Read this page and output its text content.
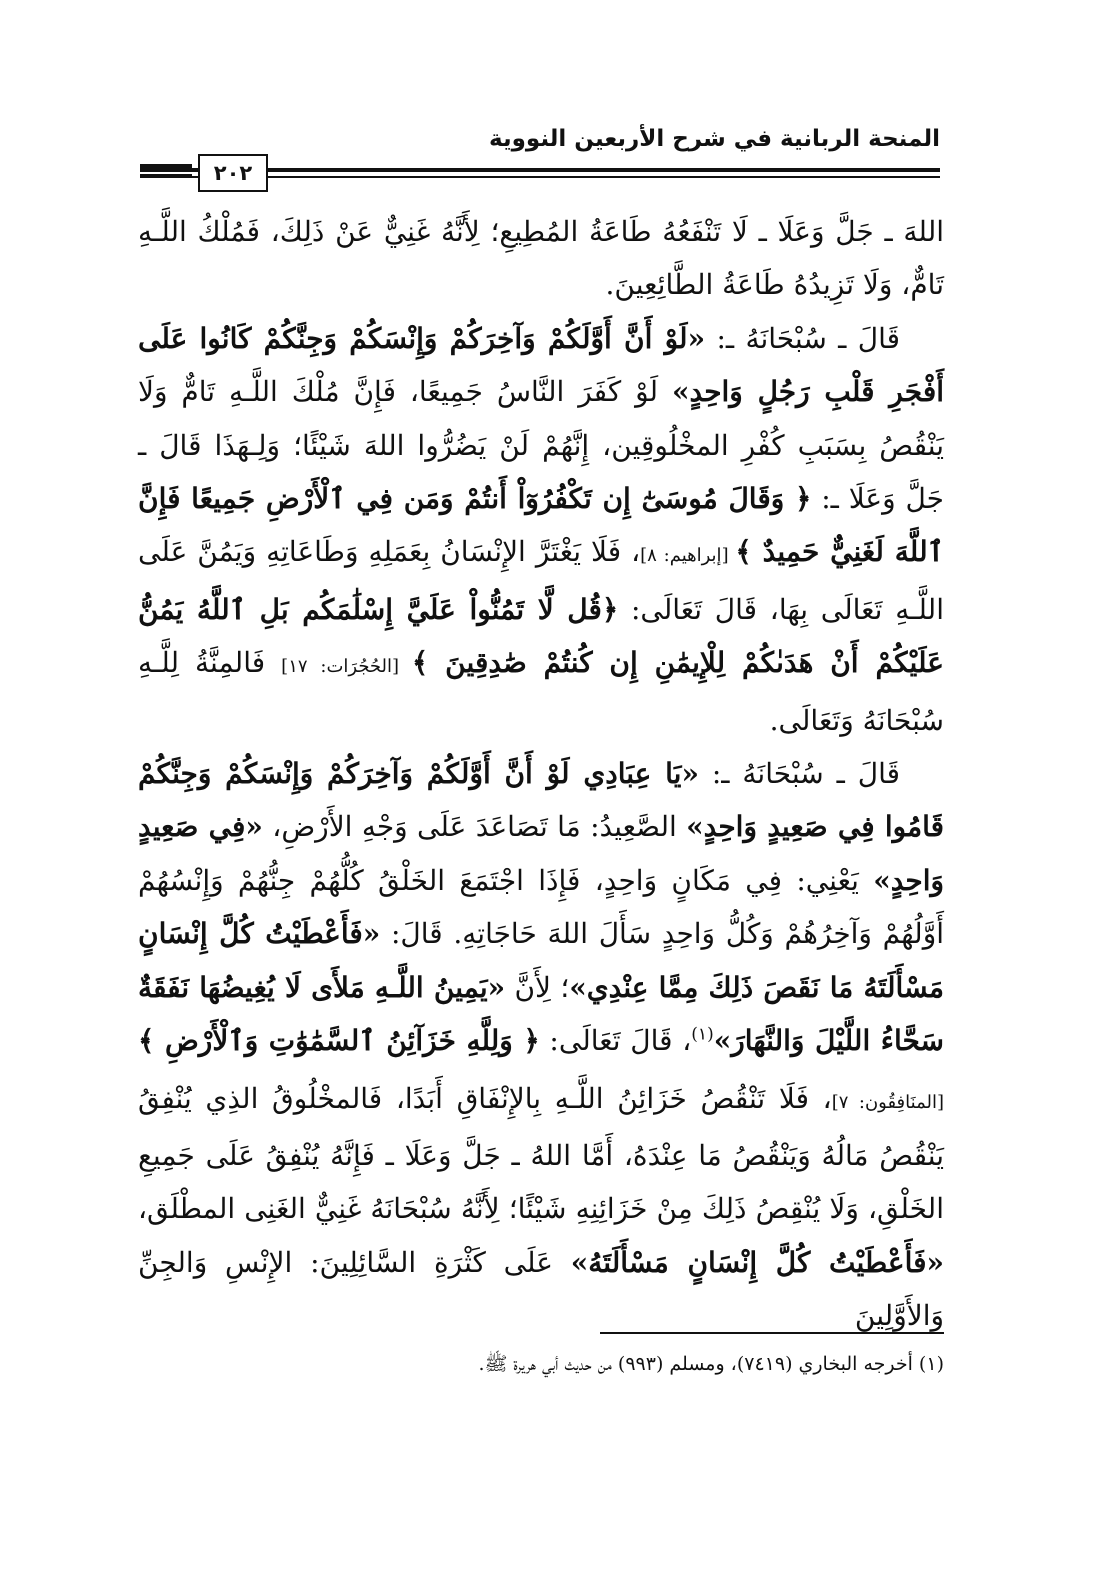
المنحة الربانية في شرح الأربعين النووية
٢٠٢

اللهَ ـ جَلَّ وَعَلَا ـ لَا تَنْفَعُهُ طَاعَةُ المُطِيعِ؛ لِأَنَّهُ غَنِيٌّ عَنْ ذَلِكَ، فَمُلْكُ اللَّـهِ تَامٌّ، وَلَا تَزِيدُهُ طَاعَةُ الطَّائِعِينَ.

قَالَ ـ سُبْحَانَهُ ـ: «لَوْ أَنَّ أَوَّلَكُمْ وَآخِرَكُمْ وَإِنْسَكُمْ وَجِنَّكُمْ كَانُوا عَلَى أَفْجَرِ قَلْبِ رَجُلٍ وَاحِدٍ» لَوْ كَفَرَ النَّاسُ جَمِيعًا، فَإِنَّ مُلْكَ اللَّـهِ تَامٌّ وَلَا يَنْقُصُ بِسَبَبِ كُفْرِ المخْلُوقِين، إِنَّهُمْ لَنْ يَضُرُّوا اللهَ شَيْئًا؛ وَلِـهَذَا قَالَ ـ جَلَّ وَعَلَا ـ: ﴿ وَقَالَ مُوسَىٰٓ إِن تَكْفُرُوٓاْ أَنتُمْ وَمَن فِي ٱلْأَرْضِ جَمِيعًا فَإِنَّ ٱللَّهَ لَغَنِيٌّ حَمِيدٌ ﴾ [إبراهيم: ٨]، فَلَا يَغْتَرَّ الإِنْسَانُ بِعَمَلِهِ وَطَاعَاتِهِ وَيَمُنَّ عَلَى اللَّـهِ تَعَالَى بِهَا، قَالَ تَعَالَى: ﴿قُل لَّا تَمُنُّواْ عَلَيَّ إِسْلَٰمَكُم بَلِ ٱللَّهُ يَمُنُّ عَلَيْكُمْ أَنْ هَدَىٰكُمْ لِلْإِيمَٰنِ إِن كُنتُمْ صَٰدِقِينَ ﴾ [الحُجُرَات: ١٧] فَالمِنَّةُ لِلَّـهِ سُبْحَانَهُ وَتَعَالَى.

قَالَ ـ سُبْحَانَهُ ـ: «يَا عِبَادِي لَوْ أَنَّ أَوَّلَكُمْ وَآخِرَكُمْ وَإِنْسَكُمْ وَجِنَّكُمْ قَامُوا فِي صَعِيدٍ وَاحِدٍ» الصَّعِيدُ: مَا تَصَاعَدَ عَلَى وَجْهِ الأَرْضِ، «فِي صَعِيدٍ وَاحِدٍ» يَعْنِي: فِي مَكَانٍ وَاحِدٍ، فَإِذَا اجْتَمَعَ الخَلْقُ كُلُّهُمْ جِنُّهُمْ وَإِنْسُهُمْ أَوَّلُهُمْ وَآخِرُهُمْ وَكُلُّ وَاحِدٍ سَأَلَ اللهَ حَاجَاتِهِ. قَالَ: «فَأَعْطَيْتُ كُلَّ إِنْسَانٍ مَسْأَلَتَهُ مَا نَقَصَ ذَلِكَ مِمَّا عِنْدِي»؛ لِأَنَّ «يَمِينُ اللَّـهِ مَلأَى لَا يُغِيضُهَا نَفَقَةٌ سَحَّاءُ اللَّيْلَ وَالنَّهَارَ»$^{(١)}$، قَالَ تَعَالَى: ﴿ وَلِلَّهِ خَزَآئِنُ ٱلسَّمَٰوَٰتِ وَٱلْأَرْضِ ﴾ [المنَافِقُون: ٧]، فَلَا تَنْقُصُ خَزَائِنُ اللَّـهِ بِالإِنْفَاقِ أَبَدًا، فَالمخْلُوقُ الذِي يُنْفِقُ يَنْقُصُ مَالُهُ وَيَنْقُصُ مَا عِنْدَهُ، أَمَّا اللهُ ـ جَلَّ وَعَلَا ـ فَإِنَّهُ يُنْفِقُ عَلَى جَمِيعِ الخَلْقِ، وَلَا يُنْقِصُ ذَلِكَ مِنْ خَزَائِنِهِ شَيْئًا؛ لِأَنَّهُ سُبْحَانَهُ غَنِيٌّ الغَنِى المطْلَق، «فَأَعْطَيْتُ كُلَّ إِنْسَانٍ مَسْأَلَتَهُ» عَلَى كَثْرَةِ السَّائِلِينَ: الإِنْسِ وَالجِنِّ وَالأَوَّلِينَ

(١) أخرجه البخاري (٧٤١٩)، ومسلم (٩٩٣) من حديث أبي هريرة ﷺ.
